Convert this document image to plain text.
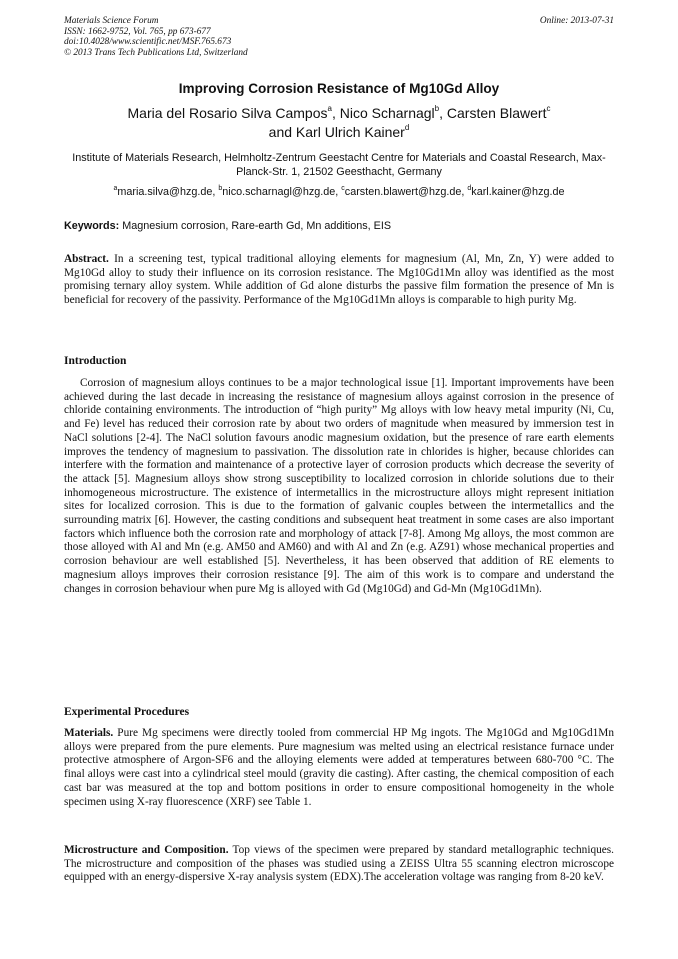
Materials Science Forum
ISSN: 1662-9752, Vol. 765, pp 673-677
doi:10.4028/www.scientific.net/MSF.765.673
© 2013 Trans Tech Publications Ltd, Switzerland
Online: 2013-07-31
Improving Corrosion Resistance of Mg10Gd Alloy
Maria del Rosario Silva Campos$^a$, Nico Scharnagl$^b$, Carsten Blawert$^c$
and Karl Ulrich Kainer$^d$
Institute of Materials Research, Helmholtz-Zentrum Geestacht Centre for Materials and Coastal Research, Max-Planck-Str. 1, 21502 Geesthacht, Germany
$^a$maria.silva@hzg.de, $^b$nico.scharnagl@hzg.de, $^c$carsten.blawert@hzg.de, $^d$karl.kainer@hzg.de
Keywords: Magnesium corrosion, Rare-earth Gd, Mn additions, EIS
Abstract. In a screening test, typical traditional alloying elements for magnesium (Al, Mn, Zn, Y) were added to Mg10Gd alloy to study their influence on its corrosion resistance. The Mg10Gd1Mn alloy was identified as the most promising ternary alloy system. While addition of Gd alone disturbs the passive film formation the presence of Mn is beneficial for recovery of the passivity. Performance of the Mg10Gd1Mn alloys is comparable to high purity Mg.
Introduction

Corrosion of magnesium alloys continues to be a major technological issue [1]. Important improvements have been achieved during the last decade in increasing the resistance of magnesium alloys against corrosion in the presence of chloride containing environments. The introduction of “high purity” Mg alloys with low heavy metal impurity (Ni, Cu, and Fe) level has reduced their corrosion rate by about two orders of magnitude when measured by immersion test in NaCl solutions [2-4]. The NaCl solution favours anodic magnesium oxidation, but the presence of rare earth elements improves the tendency of magnesium to passivation. The dissolution rate in chlorides is higher, because chlorides can interfere with the formation and maintenance of a protective layer of corrosion products which decrease the severity of the attack [5]. Magnesium alloys show strong susceptibility to localized corrosion in chloride solutions due to their inhomogeneous microstructure. The existence of intermetallics in the microstructure alloys might represent initiation sites for localized corrosion. This is due to the formation of galvanic couples between the intermetallics and the surrounding matrix [6]. However, the casting conditions and subsequent heat treatment in some cases are also important factors which influence both the corrosion rate and morphology of attack [7-8]. Among Mg alloys, the most common are those alloyed with Al and Mn (e.g. AM50 and AM60) and with Al and Zn (e.g. AZ91) whose mechanical properties and corrosion behaviour are well established [5]. Nevertheless, it has been observed that addition of RE elements to magnesium alloys improves their corrosion resistance [9]. The aim of this work is to compare and understand the changes in corrosion behaviour when pure Mg is alloyed with Gd (Mg10Gd) and Gd-Mn (Mg10Gd1Mn).

Experimental Procedures
Materials. Pure Mg specimens were directly tooled from commercial HP Mg ingots. The Mg10Gd and Mg10Gd1Mn alloys were prepared from the pure elements. Pure magnesium was melted using an electrical resistance furnace under protective atmosphere of Argon-SF6 and the alloying elements were added at temperatures between 680-700 °C. The final alloys were cast into a cylindrical steel mould (gravity die casting). After casting, the chemical composition of each cast bar was measured at the top and bottom positions in order to ensure compositional homogeneity in the whole specimen using X-ray fluorescence (XRF) see Table 1.
Microstructure and Composition. Top views of the specimen were prepared by standard metallographic techniques. The microstructure and composition of the phases was studied using a ZEISS Ultra 55 scanning electron microscope equipped with an energy-dispersive X-ray analysis system (EDX).The acceleration voltage was ranging from 8-20 keV.
